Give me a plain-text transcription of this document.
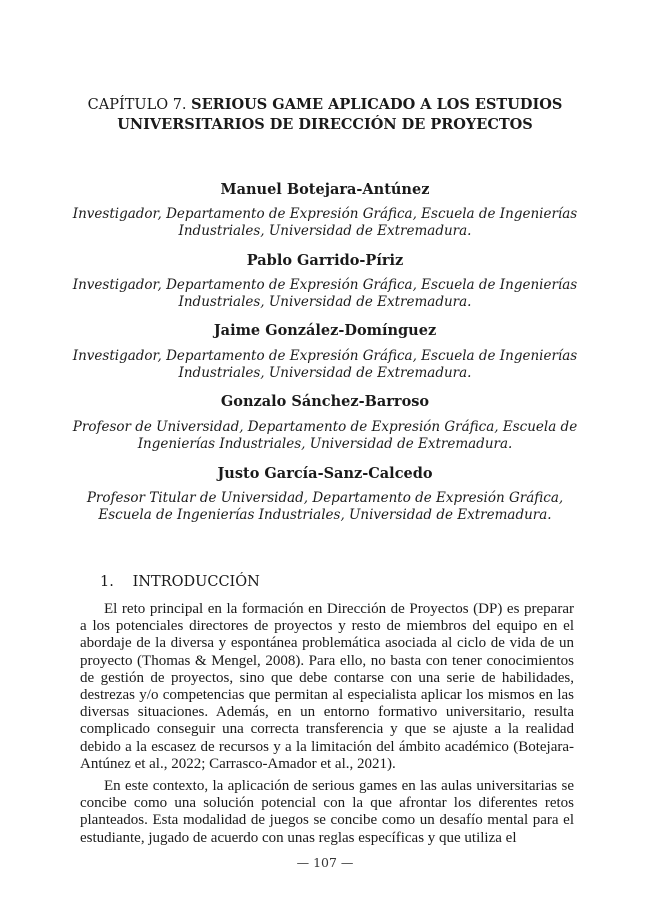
CAPÍTULO 7. SERIOUS GAME APLICADO A LOS ESTUDIOS UNIVERSITARIOS DE DIRECCIÓN DE PROYECTOS
Manuel Botejara-Antúnez
Investigador, Departamento de Expresión Gráfica, Escuela de Ingenierías Industriales, Universidad de Extremadura.
Pablo Garrido-Píriz
Investigador, Departamento de Expresión Gráfica, Escuela de Ingenierías Industriales, Universidad de Extremadura.
Jaime González-Domínguez
Investigador, Departamento de Expresión Gráfica, Escuela de Ingenierías Industriales, Universidad de Extremadura.
Gonzalo Sánchez-Barroso
Profesor de Universidad, Departamento de Expresión Gráfica, Escuela de Ingenierías Industriales, Universidad de Extremadura.
Justo García-Sanz-Calcedo
Profesor Titular de Universidad, Departamento de Expresión Gráfica, Escuela de Ingenierías Industriales, Universidad de Extremadura.
1. INTRODUCCIÓN

El reto principal en la formación en Dirección de Proyectos (DP) es preparar a los potenciales directores de proyectos y resto de miembros del equipo en el abordaje de la diversa y espontánea problemática asociada al ciclo de vida de un proyecto (Thomas & Mengel, 2008). Para ello, no basta con tener conocimientos de gestión de proyectos, sino que debe contarse con una serie de habilidades, destrezas y/o competencias que permitan al especialista aplicar los mismos en las diversas situaciones. Además, en un entorno formativo universitario, resulta complicado conseguir una correcta transferencia y que se ajuste a la realidad debido a la escasez de recursos y a la limitación del ámbito académico (Botejara-Antúnez et al., 2022; Carrasco-Amador et al., 2021).

En este contexto, la aplicación de serious games en las aulas universitarias se concibe como una solución potencial con la que afrontar los diferentes retos planteados. Esta modalidad de juegos se concibe como un desafío mental para el estudiante, jugado de acuerdo con unas reglas específicas y que utiliza el

— 107 —
